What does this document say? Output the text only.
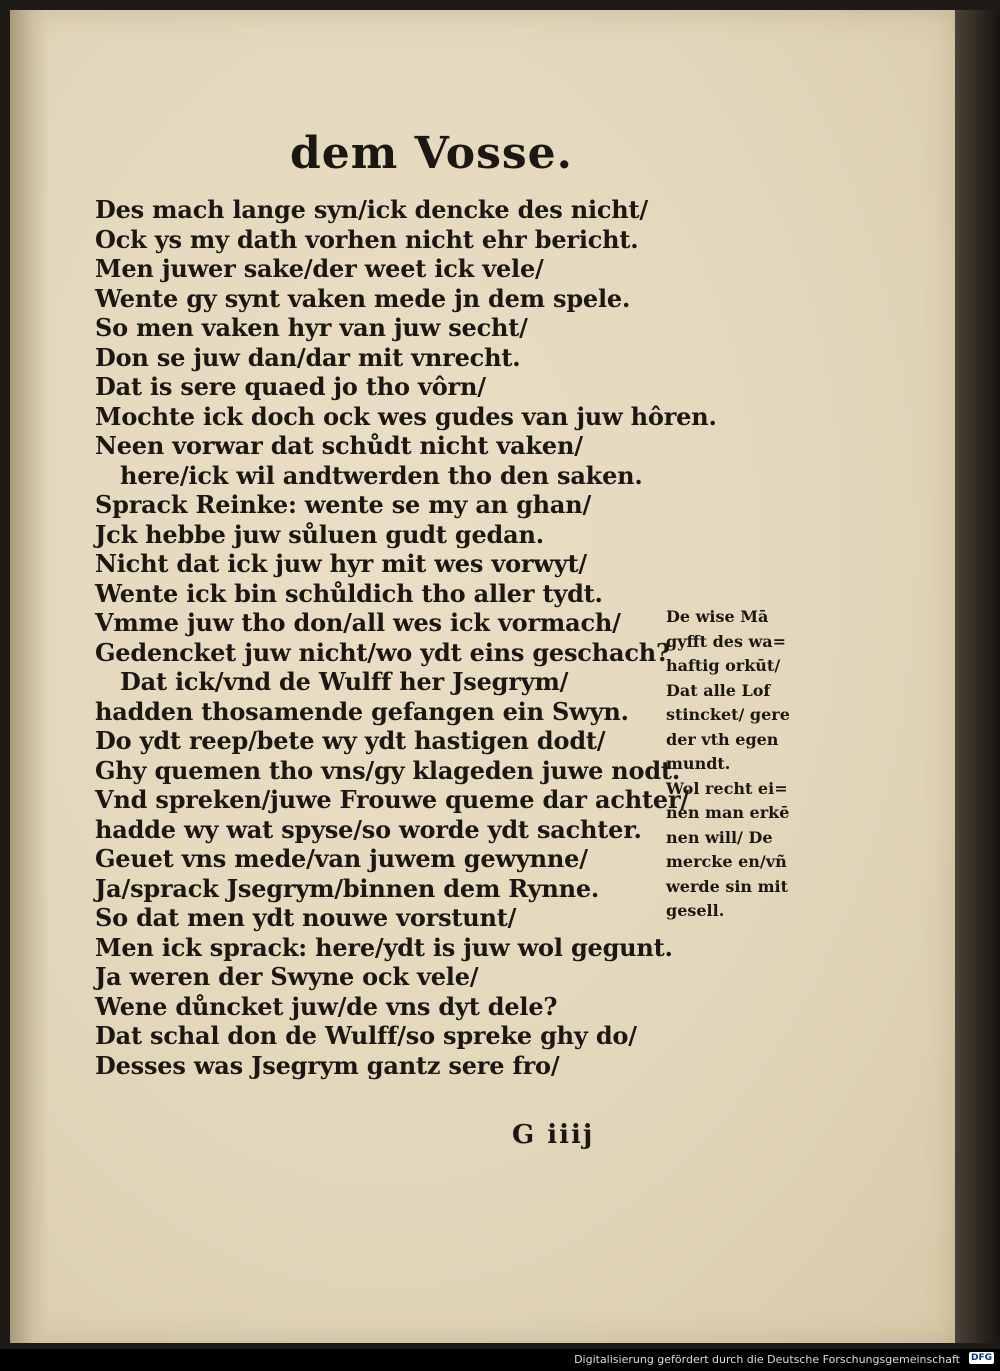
dem Vosse.
Des mach lange syn/ick dencke des nicht/
Ock ys my dath vorhen nicht ehr bericht.
Men juwer sake/der weet ick vele/
Wente gy synt vaken mede jn dem spele.
So men vaken hyr van juw secht/
Don se juw dan/dar mit vnrecht.
Dat is sere quaed jo tho vôrn/
Mochte ick doch ock wes gudes van juw hôren.
Neen vorwar dat schůdt nicht vaken/
here/ick wil andtwerden tho den saken.
Sprack Reinke: wente se my an ghan/
Jck hebbe juw sůluen gudt gedan.
Nicht dat ick juw hyr mit wes vorwyt/
Wente ick bin schůldich tho aller tydt.
Vmme juw tho don/all wes ick vormach/
Gedencket juw nicht/wo ydt eins geschach?
Dat ick/vnd de Wulff her Jsegrym/
hadden thosamende gefangen ein Swyn.
Do ydt reep/bete wy ydt hastigen dodt/
Ghy quemen tho vns/gy klageden juwe nodt.
Vnd spreken/juwe Frouwe queme dar achter/
hadde wy wat spyse/so worde ydt sachter.
Geuet vns mede/van juwem gewynne/
Ja/sprack Jsegrym/binnen dem Rynne.
So dat men ydt nouwe vorstunt/
Men ick sprack: here/ydt is juw wol gegunt.
Ja weren der Swyne ock vele/
Wene důncket juw/de vns dyt dele?
Dat schal don de Wulff/so spreke ghy do/
Desses was Jsegrym gantz sere fro/
De wise Mā
gyfft des wa=
haftig orkūt/
Dat alle Lof
stincket/ gere
der vth egen
mundt.
Wol recht ei=
nen man erkē
nen will/ De
mercke en/vñ
werde sin mit
gesell.
G iiij
Digitalisierung gefördert durch die Deutsche Forschungsgemeinschaft DFG
